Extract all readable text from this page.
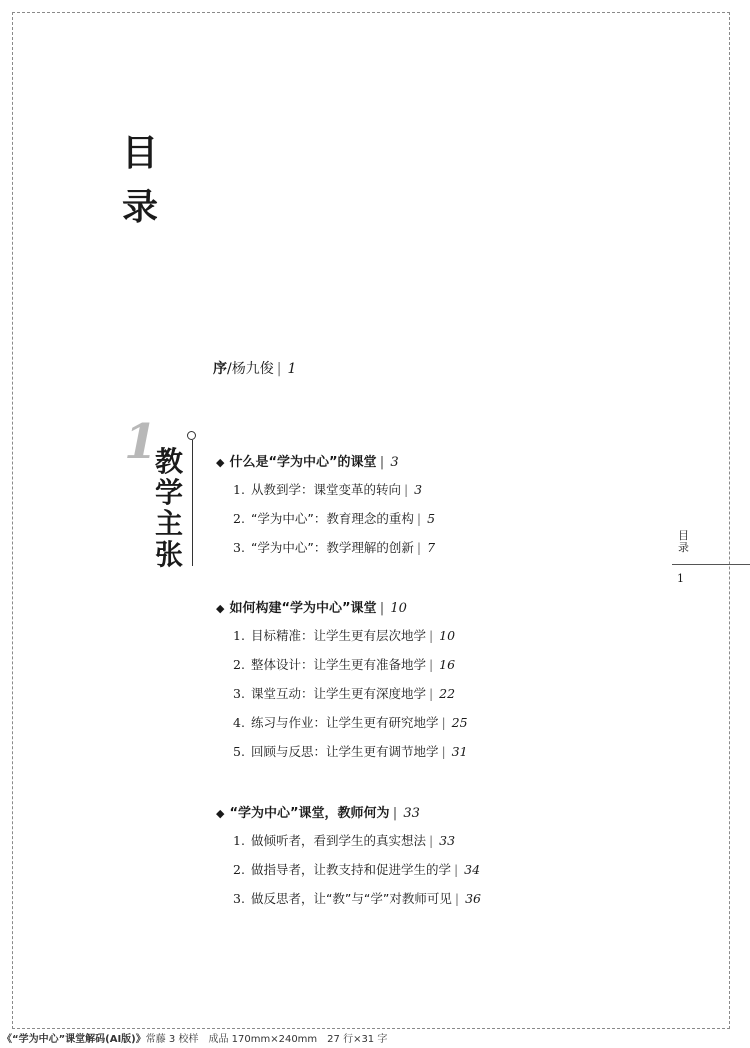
目
录
序/杨九俊 | 1
1
教
学
主
张
◆ 什么是“学为中心”的课堂 | 3
1. 从教到学：课堂变革的转向 | 3
2. “学为中心”：教育理念的重构 | 5
3. “学为中心”：教学理解的创新 | 7
◆ 如何构建“学为中心”课堂 | 10
1. 目标精准：让学生更有层次地学 | 10
2. 整体设计：让学生更有准备地学 | 16
3. 课堂互动：让学生更有深度地学 | 22
4. 练习与作业：让学生更有研究地学 | 25
5. 回顾与反思：让学生更有调节地学 | 31
◆ “学为中心”课堂，教师何为 | 33
1. 做倾听者，看到学生的真实想法 | 33
2. 做指导者，让教支持和促进学生的学 | 34
3. 做反思者，让“教”与“学”对教师可见 | 36
目
录
1
《“学为中心”课堂解码(AI版)》常藤 3 校样　成品 170mm×240mm　27 行×31 字
